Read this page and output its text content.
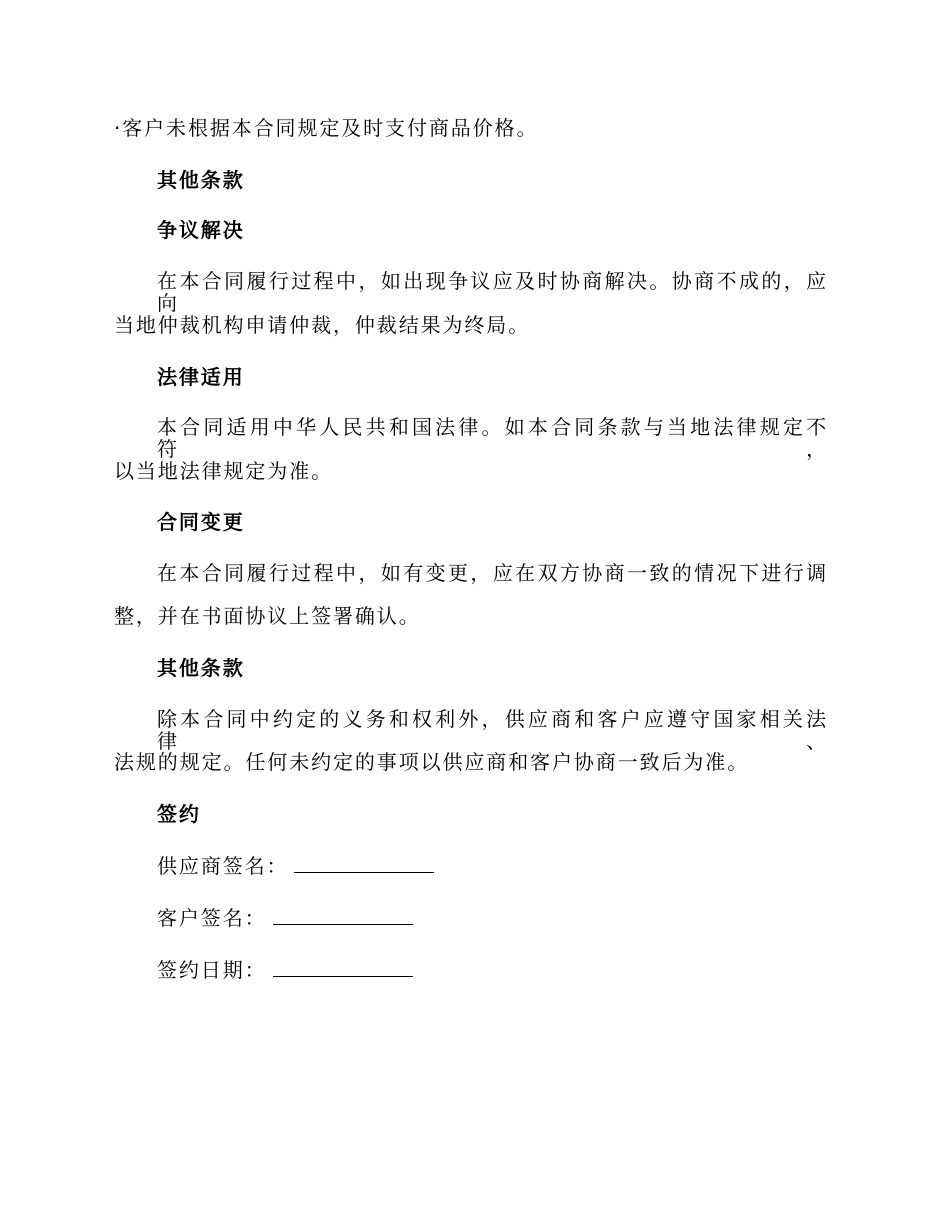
·客户未根据本合同规定及时支付商品价格。
其他条款
争议解决
在本合同履行过程中，如出现争议应及时协商解决。协商不成的，应向
当地仲裁机构申请仲裁，仲裁结果为终局。
法律适用
本合同适用中华人民共和国法律。如本合同条款与当地法律规定不符，
以当地法律规定为准。
合同变更
在本合同履行过程中，如有变更，应在双方协商一致的情况下进行调
整，并在书面协议上签署确认。
其他条款
除本合同中约定的义务和权利外，供应商和客户应遵守国家相关法律、
法规的规定。任何未约定的事项以供应商和客户协商一致后为准。
签约
供应商签名：
客户签名：
签约日期：
